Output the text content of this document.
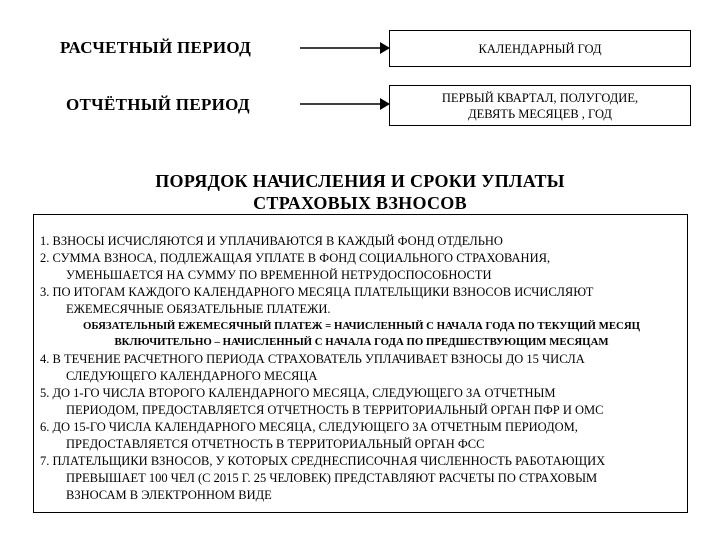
РАСЧЕТНЫЙ ПЕРИОД
ОТЧЁТНЫЙ ПЕРИОД
КАЛЕНДАРНЫЙ ГОД
ПЕРВЫЙ КВАРТАЛ, ПОЛУГОДИЕ,
ДЕВЯТЬ МЕСЯЦЕВ , ГОД
ПОРЯДОК НАЧИСЛЕНИЯ И СРОКИ УПЛАТЫ
СТРАХОВЫХ ВЗНОСОВ
1. ВЗНОСЫ ИСЧИСЛЯЮТСЯ И УПЛАЧИВАЮТСЯ В КАЖДЫЙ ФОНД ОТДЕЛЬНО
2. СУММА ВЗНОСА, ПОДЛЕЖАЩАЯ УПЛАТЕ В ФОНД СОЦИАЛЬНОГО СТРАХОВАНИЯ,
УМЕНЬШАЕТСЯ НА СУММУ ПО ВРЕМЕННОЙ НЕТРУДОСПОСОБНОСТИ
3. ПО ИТОГАМ КАЖДОГО КАЛЕНДАРНОГО МЕСЯЦА ПЛАТЕЛЬЩИКИ ВЗНОСОВ ИСЧИСЛЯЮТ
ЕЖЕМЕСЯЧНЫЕ ОБЯЗАТЕЛЬНЫЕ ПЛАТЕЖИ.
ОБЯЗАТЕЛЬНЫЙ ЕЖЕМЕСЯЧНЫЙ ПЛАТЕЖ = НАЧИСЛЕННЫЙ С НАЧАЛА ГОДА ПО ТЕКУЩИЙ МЕСЯЦ
ВКЛЮЧИТЕЛЬНО – НАЧИСЛЕННЫЙ С НАЧАЛА ГОДА ПО ПРЕДШЕСТВУЮЩИМ МЕСЯЦАМ
4. В ТЕЧЕНИЕ РАСЧЕТНОГО ПЕРИОДА СТРАХОВАТЕЛЬ УПЛАЧИВАЕТ ВЗНОСЫ ДО 15 ЧИСЛА
СЛЕДУЮЩЕГО КАЛЕНДАРНОГО МЕСЯЦА
5. ДО 1-ГО ЧИСЛА ВТОРОГО КАЛЕНДАРНОГО МЕСЯЦА, СЛЕДУЮЩЕГО ЗА ОТЧЕТНЫМ
ПЕРИОДОМ, ПРЕДОСТАВЛЯЕТСЯ ОТЧЕТНОСТЬ В ТЕРРИТОРИАЛЬНЫЙ ОРГАН ПФР И ОМС
6. ДО 15-ГО ЧИСЛА КАЛЕНДАРНОГО МЕСЯЦА, СЛЕДУЮЩЕГО ЗА ОТЧЕТНЫМ ПЕРИОДОМ,
ПРЕДОСТАВЛЯЕТСЯ ОТЧЕТНОСТЬ В ТЕРРИТОРИАЛЬНЫЙ ОРГАН ФСС
7. ПЛАТЕЛЬЩИКИ ВЗНОСОВ, У КОТОРЫХ СРЕДНЕСПИСОЧНАЯ ЧИСЛЕННОСТЬ РАБОТАЮЩИХ
ПРЕВЫШАЕТ 100 ЧЕЛ (С 2015 Г. 25 ЧЕЛОВЕК) ПРЕДСТАВЛЯЮТ РАСЧЕТЫ ПО СТРАХОВЫМ
ВЗНОСАМ В ЭЛЕКТРОННОМ ВИДЕ
